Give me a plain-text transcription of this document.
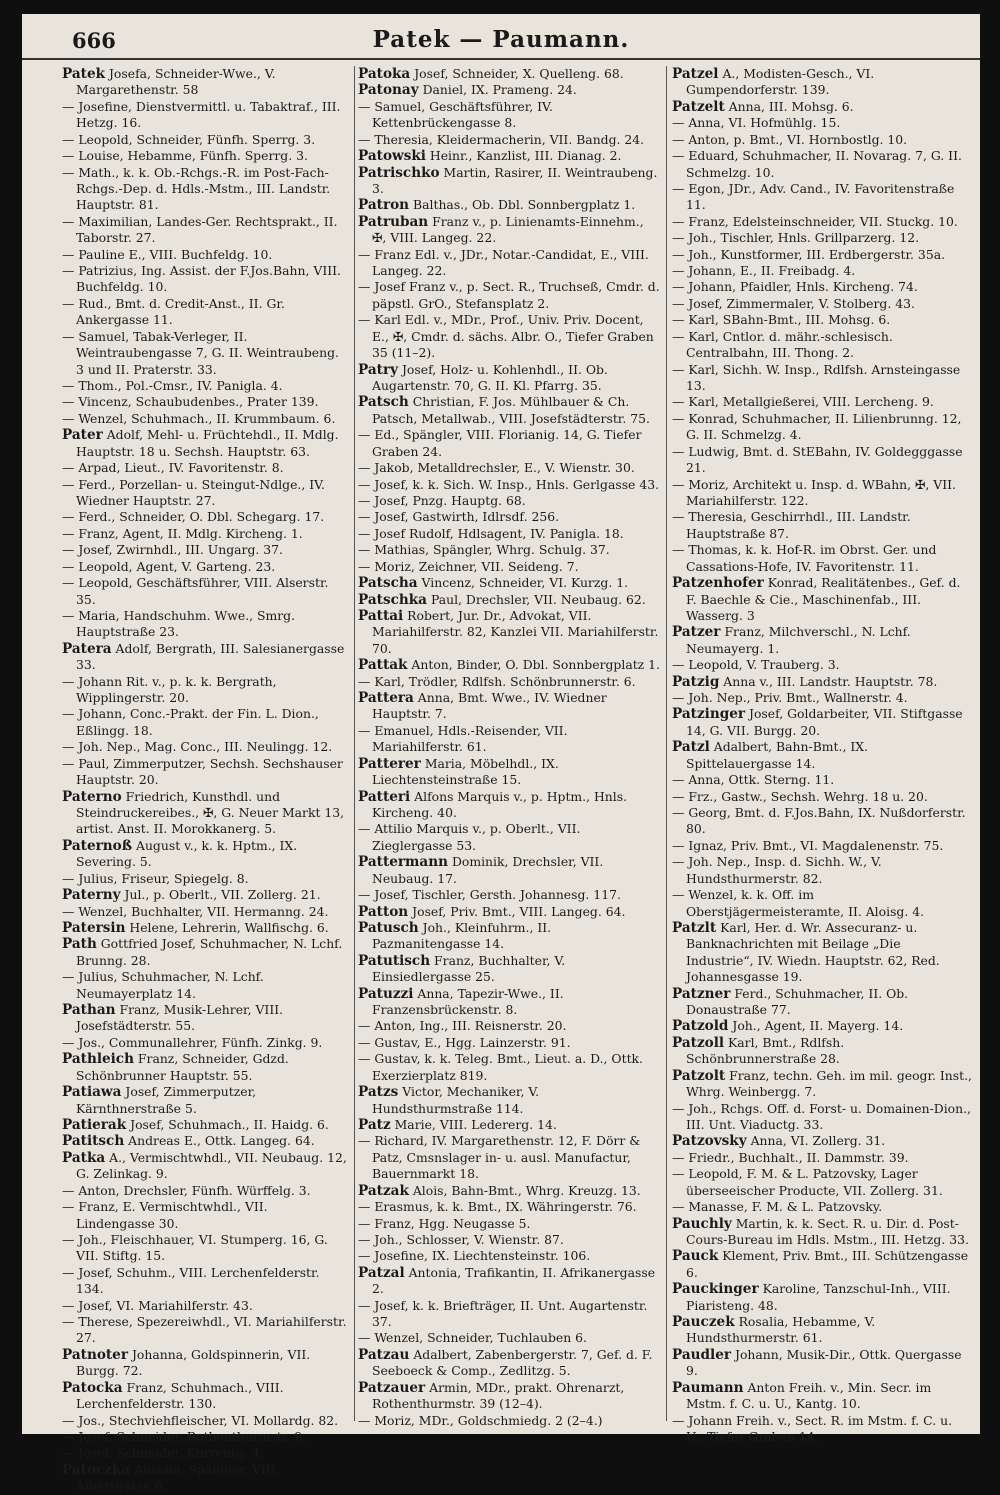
666	Patek — Paumann.

Patek Josefa, Schneider-Wwe., V. Margarethenstr. 58

— Josefine, Dienstvermittl. u. Tabaktraf., III. Hetzg. 16.

— Leopold, Schneider, Fünfh. Sperrg. 3.

— Louise, Hebamme, Fünfh. Sperrg. 3.

— Math., k. k. Ob.-Rchgs.-R. im Post-Fach-Rchgs.-Dep. d. Hdls.-Mstm., III. Landstr. Hauptstr. 81.

— Maximilian, Landes-Ger. Rechtsprakt., II. Taborstr. 27.

— Pauline E., VIII. Buchfeldg. 10.

— Patrizius, Ing. Assist. der F.Jos.Bahn, VIII. Buchfeldg. 10.

— Rud., Bmt. d. Credit-Anst., II. Gr. Ankergasse 11.

— Samuel, Tabak-Verleger, II. Weintraubengasse 7, G. II. Weintraubeng. 3 und II. Praterstr. 33.

— Thom., Pol.-Cmsr., IV. Panigla. 4.

— Vincenz, Schaubudenbes., Prater 139.

— Wenzel, Schuhmach., II. Krummbaum. 6.

Pater Adolf, Mehl- u. Früchtehdl., II. Mdlg. Hauptstr. 18 u. Sechsh. Hauptstr. 63.

— Arpad, Lieut., IV. Favoritenstr. 8.

— Ferd., Porzellan- u. Steingut-Ndlge., IV. Wiedner Hauptstr. 27.

— Ferd., Schneider, O. Dbl. Schegarg. 17.

— Franz, Agent, II. Mdlg. Kircheng. 1.

— Josef, Zwirnhdl., III. Ungarg. 37.

— Leopold, Agent, V. Garteng. 23.

— Leopold, Geschäftsführer, VIII. Alserstr. 35.

— Maria, Handschuhm. Wwe., Smrg. Hauptstraße 23.

Patera Adolf, Bergrath, III. Salesianergasse 33.

— Johann Rit. v., p. k. k. Bergrath, Wipplingerstr. 20.

— Johann, Conc.-Prakt. der Fin. L. Dion., Eßlingg. 18.

— Joh. Nep., Mag. Conc., III. Neulingg. 12.

— Paul, Zimmerputzer, Sechsh. Sechshauser Hauptstr. 20.

Paterno Friedrich, Kunsthdl. und Steindruckereibes., ✠, G. Neuer Markt 13, artist. Anst. II. Morokkanerg. 5.

Paternoß August v., k. k. Hptm., IX. Severing. 5.

— Julius, Friseur, Spiegelg. 8.

Paterny Jul., p. Oberlt., VII. Zollerg. 21.

— Wenzel, Buchhalter, VII. Hermanng. 24.

Patersin Helene, Lehrerin, Wallfischg. 6.

Path Gottfried Josef, Schuhmacher, N. Lchf. Brunng. 28.

— Julius, Schuhmacher, N. Lchf. Neumayerplatz 14.

Pathan Franz, Musik-Lehrer, VIII. Josefstädterstr. 55.

— Jos., Communallehrer, Fünfh. Zinkg. 9.

Pathleich Franz, Schneider, Gdzd. Schönbrunner Hauptstr. 55.

Patiawa Josef, Zimmerputzer, Kärnthnerstraße 5.

Patierak Josef, Schuhmach., II. Haidg. 6.

Patitsch Andreas E., Ottk. Langeg. 64.

Patka A., Vermischtwhdl., VII. Neubaug. 12, G. Zelinkag. 9.

— Anton, Drechsler, Fünfh. Würffelg. 3.

— Franz, E. Vermischtwhdl., VII. Lindengasse 30.

— Joh., Fleischhauer, VI. Stumperg. 16, G. VII. Stiftg. 15.

— Josef, Schuhm., VIII. Lerchenfelderstr. 134.

— Josef, VI. Mariahilferstr. 43.

— Therese, Spezereiwhdl., VI. Mariahilferstr. 27.

Patnoter Johanna, Goldspinnerin, VII. Burgg. 72.

Patocka Franz, Schuhmach., VIII. Lerchenfelderstr. 130.

— Jos., Stechviehfleischer, VI. Mollardg. 82.

— Josef, Schneider, Rothenthurmstr. 9.

— Josef, Schneider, Kurrentg. 4.

Patoczka Anselm, Spängler, VIII. Albertgasse 6.

Patoka Josef, Schneider, X. Quelleng. 68.

Patonay Daniel, IX. Prameng. 24.

— Samuel, Geschäftsführer, IV. Kettenbrückengasse 8.

— Theresia, Kleidermacherin, VII. Bandg. 24.

Patowski Heinr., Kanzlist, III. Dianag. 2.

Patrischko Martin, Rasirer, II. Weintraubeng. 3.

Patron Balthas., Ob. Dbl. Sonnbergplatz 1.

Patruban Franz v., p. Linienamts-Einnehm., ✠, VIII. Langeg. 22.

— Franz Edl. v., JDr., Notar.-Candidat, E., VIII. Langeg. 22.

— Josef Franz v., p. Sect. R., Truchseß, Cmdr. d. päpstl. GrO., Stefansplatz 2.

— Karl Edl. v., MDr., Prof., Univ. Priv. Docent, E., ✠, Cmdr. d. sächs. Albr. O., Tiefer Graben 35 (11–2).

Patry Josef, Holz- u. Kohlenhdl., II. Ob. Augartenstr. 70, G. II. Kl. Pfarrg. 35.

Patsch Christian, F. Jos. Mühlbauer & Ch. Patsch, Metallwab., VIII. Josefstädterstr. 75.

— Ed., Spängler, VIII. Florianig. 14, G. Tiefer Graben 24.

— Jakob, Metalldrechsler, E., V. Wienstr. 30.

— Josef, k. k. Sich. W. Insp., Hnls. Gerlgasse 43.

— Josef, Pnzg. Hauptg. 68.

— Josef, Gastwirth, Idlrsdf. 256.

— Josef Rudolf, Hdlsagent, IV. Panigla. 18.

— Mathias, Spängler, Whrg. Schulg. 37.

— Moriz, Zeichner, VII. Seideng. 7.

Patscha Vincenz, Schneider, VI. Kurzg. 1.

Patschka Paul, Drechsler, VII. Neubaug. 62.

Pattai Robert, Jur. Dr., Advokat, VII. Mariahilferstr. 82, Kanzlei VII. Mariahilferstr. 70.

Pattak Anton, Binder, O. Dbl. Sonnbergplatz 1.

— Karl, Trödler, Rdlfsh. Schönbrunnerstr. 6.

Pattera Anna, Bmt. Wwe., IV. Wiedner Hauptstr. 7.

— Emanuel, Hdls.-Reisender, VII. Mariahilferstr. 61.

Patterer Maria, Möbelhdl., IX. Liechtensteinstraße 15.

Patteri Alfons Marquis v., p. Hptm., Hnls. Kircheng. 40.

— Attilio Marquis v., p. Oberlt., VII. Zieglergasse 53.

Pattermann Dominik, Drechsler, VII. Neubaug. 17.

— Josef, Tischler, Gersth. Johannesg. 117.

Patton Josef, Priv. Bmt., VIII. Langeg. 64.

Patusch Joh., Kleinfuhrm., II. Pazmanitengasse 14.

Patutisch Franz, Buchhalter, V. Einsiedlergasse 25.

Patuzzi Anna, Tapezir-Wwe., II. Franzensbrückenstr. 8.

— Anton, Ing., III. Reisnerstr. 20.

— Gustav, E., Hgg. Lainzerstr. 91.

— Gustav, k. k. Teleg. Bmt., Lieut. a. D., Ottk. Exerzierplatz 819.

Patzs Victor, Mechaniker, V. Hundsthurmstraße 114.

Patz Marie, VIII. Ledererg. 14.

— Richard, IV. Margarethenstr. 12, F. Dörr & Patz, Cmsnslager in- u. ausl. Manufactur, Bauernmarkt 18.

Patzak Alois, Bahn-Bmt., Whrg. Kreuzg. 13.

— Erasmus, k. k. Bmt., IX. Währingerstr. 76.

— Franz, Hgg. Neugasse 5.

— Joh., Schlosser, V. Wienstr. 87.

— Josefine, IX. Liechtensteinstr. 106.

Patzal Antonia, Trafikantin, II. Afrikanergasse 2.

— Josef, k. k. Briefträger, II. Unt. Augartenstr. 37.

— Wenzel, Schneider, Tuchlauben 6.

Patzau Adalbert, Zabenbergerstr. 7, Gef. d. F. Seeboeck & Comp., Zedlitzg. 5.

Patzauer Armin, MDr., prakt. Ohrenarzt, Rothenthurmstr. 39 (12–4).

— Moriz, MDr., Goldschmiedg. 2 (2–4.)

Patzel A., Modisten-Gesch., VI. Gumpendorferstr. 139.

Patzelt Anna, III. Mohsg. 6.

— Anna, VI. Hofmühlg. 15.

— Anton, p. Bmt., VI. Hornbostlg. 10.

— Eduard, Schuhmacher, II. Novarag. 7, G. II. Schmelzg. 10.

— Egon, JDr., Adv. Cand., IV. Favoritenstraße 11.

— Franz, Edelsteinschneider, VII. Stuckg. 10.

— Joh., Tischler, Hnls. Grillparzerg. 12.

— Joh., Kunstformer, III. Erdbergerstr. 35a.

— Johann, E., II. Freibadg. 4.

— Johann, Pfaidler, Hnls. Kircheng. 74.

— Josef, Zimmermaler, V. Stolberg. 43.

— Karl, SBahn-Bmt., III. Mohsg. 6.

— Karl, Cntlor. d. mähr.-schlesisch. Centralbahn, III. Thong. 2.

— Karl, Sichh. W. Insp., Rdlfsh. Arnsteingasse 13.

— Karl, Metallgießerei, VIII. Lercheng. 9.

— Konrad, Schuhmacher, II. Lilienbrunng. 12, G. II. Schmelzg. 4.

— Ludwig, Bmt. d. StEBahn, IV. Goldegggasse 21.

— Moriz, Architekt u. Insp. d. WBahn, ✠, VII. Mariahilferstr. 122.

— Theresia, Geschirrhdl., III. Landstr. Hauptstraße 87.

— Thomas, k. k. Hof-R. im Obrst. Ger. und Cassations-Hofe, IV. Favoritenstr. 11.

Patzenhofer Konrad, Realitätenbes., Gef. d. F. Baechle & Cie., Maschinenfab., III. Wasserg. 3

Patzer Franz, Milchverschl., N. Lchf. Neumayerg. 1.

— Leopold, V. Trauberg. 3.

Patzig Anna v., III. Landstr. Hauptstr. 78.

— Joh. Nep., Priv. Bmt., Wallnerstr. 4.

Patzinger Josef, Goldarbeiter, VII. Stiftgasse 14, G. VII. Burgg. 20.

Patzl Adalbert, Bahn-Bmt., IX. Spittelauergasse 14.

— Anna, Ottk. Sterng. 11.

— Frz., Gastw., Sechsh. Wehrg. 18 u. 20.

— Georg, Bmt. d. F.Jos.Bahn, IX. Nußdorferstr. 80.

— Ignaz, Priv. Bmt., VI. Magdalenenstr. 75.

— Joh. Nep., Insp. d. Sichh. W., V. Hundsthurmerstr. 82.

— Wenzel, k. k. Off. im Oberstjägermeisteramte, II. Aloisg. 4.

Patzlt Karl, Her. d. Wr. Assecuranz- u. Banknachrichten mit Beilage „Die Industrie“, IV. Wiedn. Hauptstr. 62, Red. Johannesgasse 19.

Patzner Ferd., Schuhmacher, II. Ob. Donaustraße 77.

Patzold Joh., Agent, II. Mayerg. 14.

Patzoll Karl, Bmt., Rdlfsh. Schönbrunnerstraße 28.

Patzolt Franz, techn. Geh. im mil. geogr. Inst., Whrg. Weinbergg. 7.

— Joh., Rchgs. Off. d. Forst- u. Domainen-Dion., III. Unt. Viaductg. 33.

Patzovsky Anna, VI. Zollerg. 31.

— Friedr., Buchhalt., II. Dammstr. 39.

— Leopold, F. M. & L. Patzovsky, Lager überseeischer Producte, VII. Zollerg. 31.

— Manasse, F. M. & L. Patzovsky.

Pauchly Martin, k. k. Sect. R. u. Dir. d. Post-Cours-Bureau im Hdls. Mstm., III. Hetzg. 33.

Pauck Klement, Priv. Bmt., III. Schützengasse 6.

Pauckinger Karoline, Tanzschul-Inh., VIII. Piaristeng. 48.

Pauczek Rosalia, Hebamme, V. Hundsthurmerstr. 61.

Paudler Johann, Musik-Dir., Ottk. Quergasse 9.

Paumann Anton Freih. v., Min. Secr. im Mstm. f. C. u. U., Kantg. 10.

— Johann Freih. v., Sect. R. im Mstm. f. C. u. U., Tiefer Graben 14.
